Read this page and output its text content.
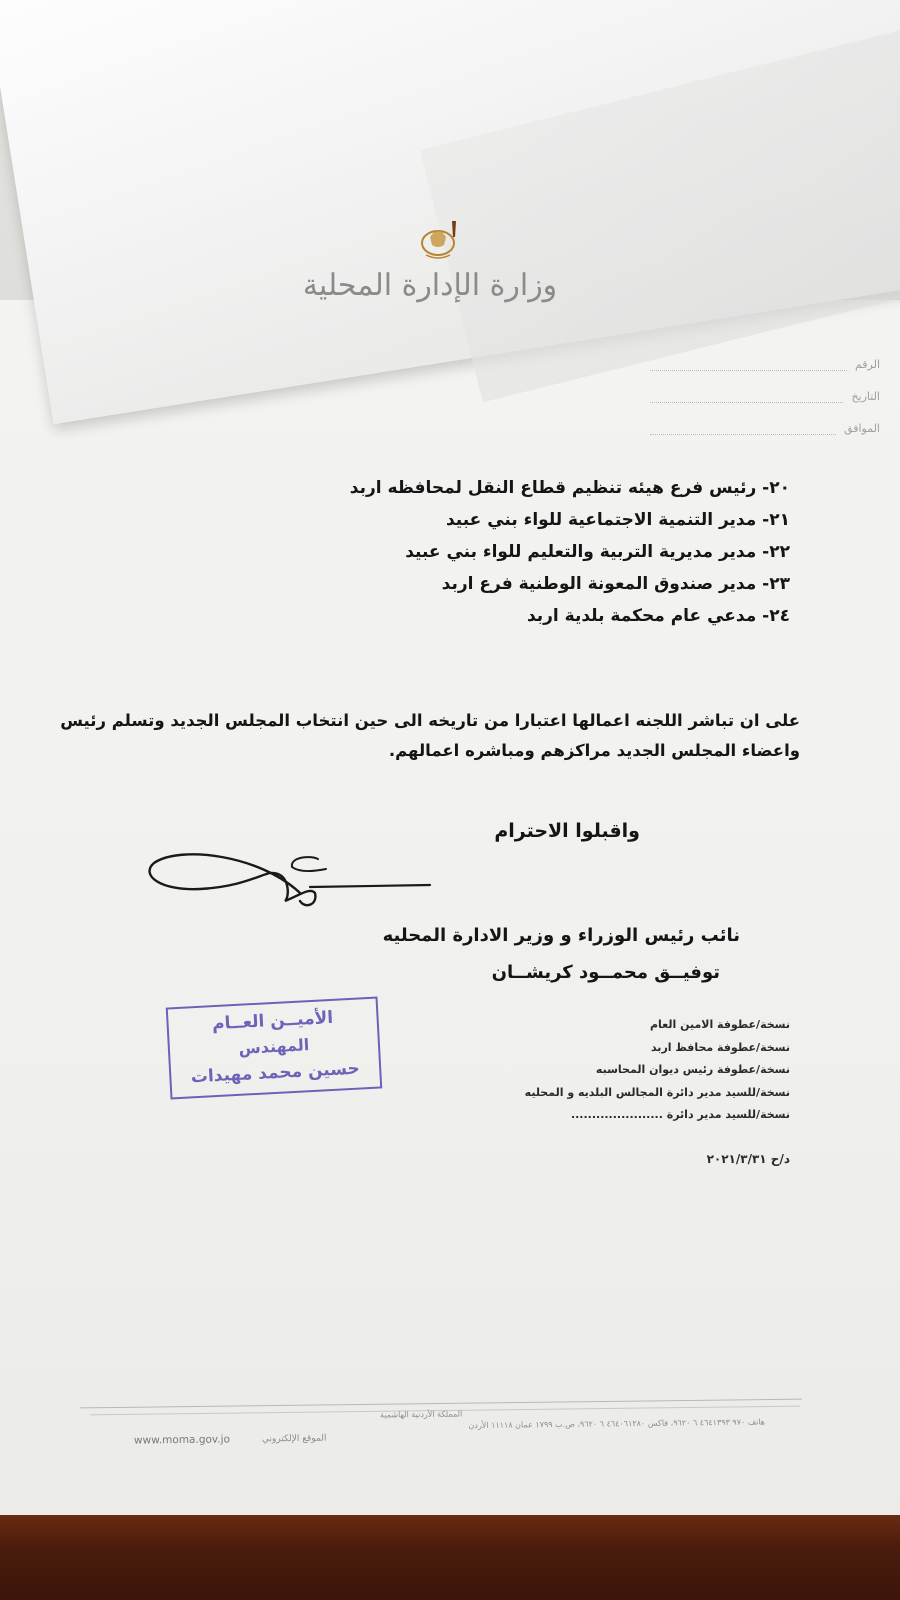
وزارة الإدارة المحلية
الرقم
التاريخ
الموافق
٢٠- رئيس فرع هيئه تنظيم قطاع النقل لمحافظه اربد
٢١- مدير التنمية الاجتماعية للواء بني عبيد
٢٢- مدير مديرية التربية والتعليم للواء بني عبيد
٢٣- مدير صندوق المعونة الوطنية فرع اربد
٢٤- مدعي عام محكمة بلدية اربد
على ان تباشر اللجنه اعمالها اعتبارا من تاريخه الى حين انتخاب المجلس الجديد وتسلم رئيس واعضاء المجلس الجديد مراكزهم ومباشره اعمالهم.
واقبلوا الاحترام
نائب رئيس الوزراء و وزير الادارة المحليه
توفيــق محمــود كريشــان
الأميــن العــام
المهندس
حسين محمد مهيدات
نسخة/عطوفة الامين العام
نسخة/عطوفة محافظ اربد
نسخة/عطوفة رئيس ديوان المحاسبه
نسخة/للسيد مدير دائرة المجالس البلديه و المحليه
نسخة/للسيد مدير دائرة ......................
د/ح ٢٠٢١/٣/٣١
المملكة الأردنية الهاشمية
هاتف ٩٧٠ ٤٦٤١٣٩٣ ٦ ٩٦٢٠، فاكس ٤٦٤٠٦١٢٨٠ ٦ ٩٦٢٠، ص.ب ١٧٩٩ عمان ١١١١٨ الأردن
الموقع الإلكتروني
www.moma.gov.jo
